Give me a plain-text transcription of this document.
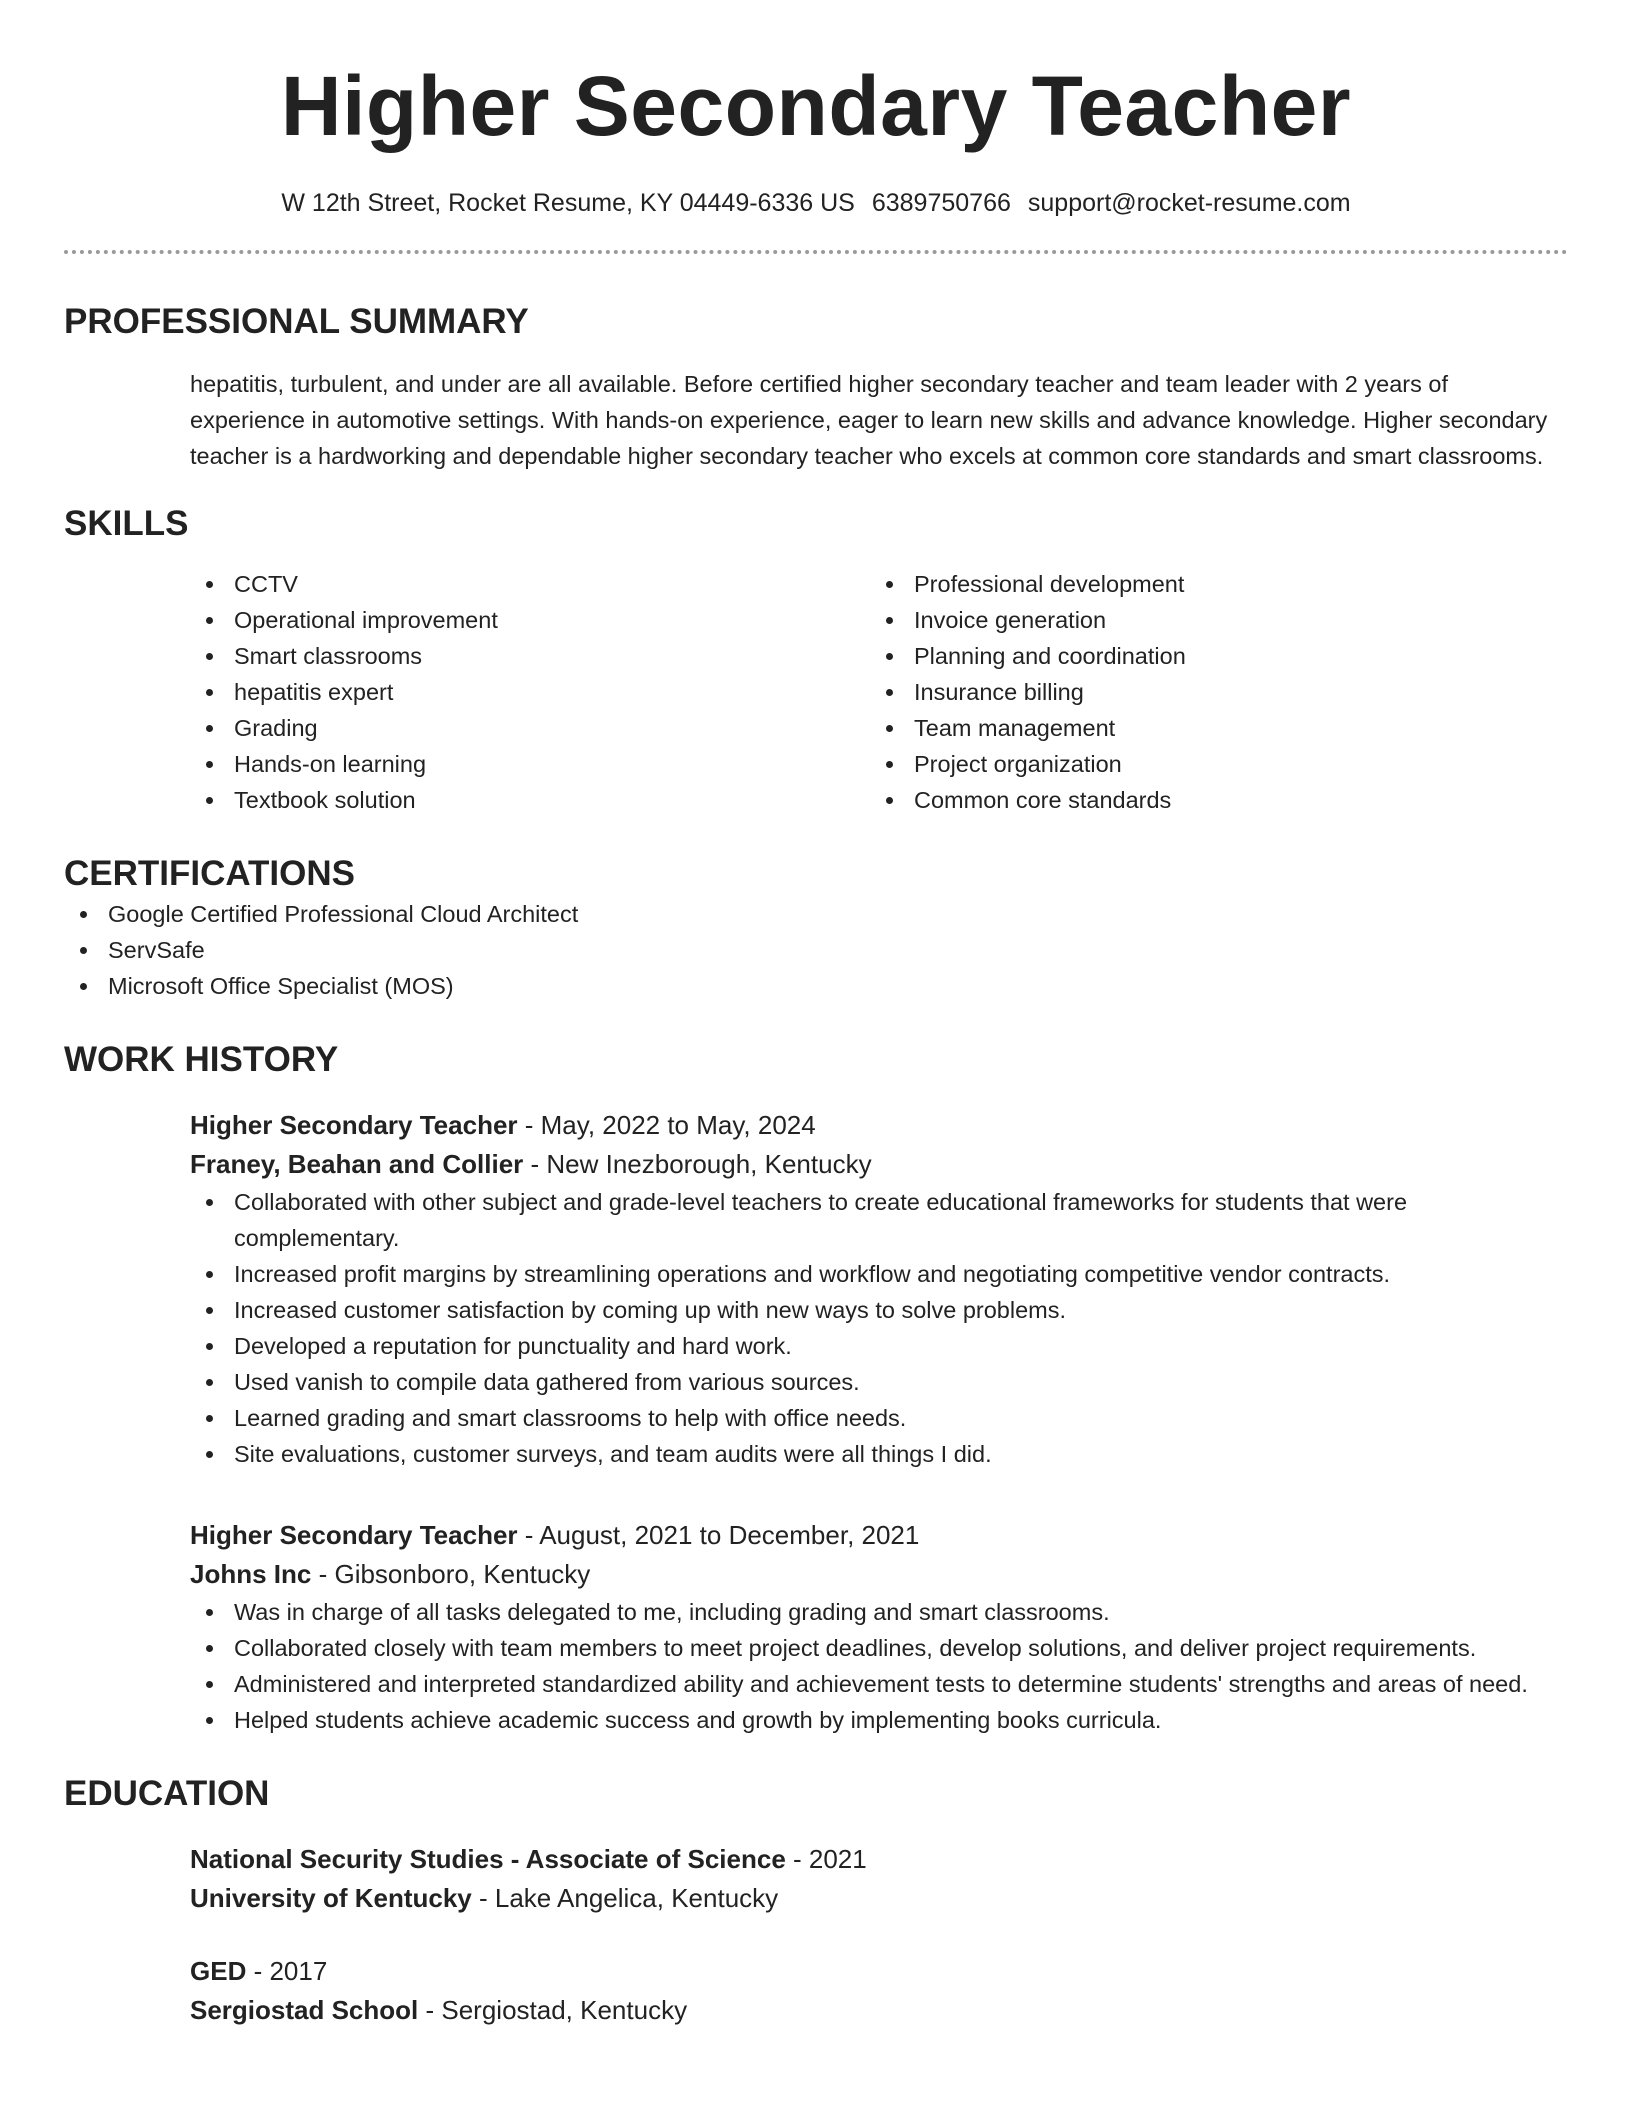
Higher Secondary Teacher
W 12th Street, Rocket Resume, KY 04449-6336 US 6389750766 support@rocket-resume.com
PROFESSIONAL SUMMARY
hepatitis, turbulent, and under are all available. Before certified higher secondary teacher and team leader with 2 years of experience in automotive settings. With hands-on experience, eager to learn new skills and advance knowledge. Higher secondary teacher is a hardworking and dependable higher secondary teacher who excels at common core standards and smart classrooms.
SKILLS
CCTV
Operational improvement
Smart classrooms
hepatitis expert
Grading
Hands-on learning
Textbook solution
Professional development
Invoice generation
Planning and coordination
Insurance billing
Team management
Project organization
Common core standards
CERTIFICATIONS
Google Certified Professional Cloud Architect
ServSafe
Microsoft Office Specialist (MOS)
WORK HISTORY
Higher Secondary Teacher - May, 2022 to May, 2024
Franey, Beahan and Collier - New Inezborough, Kentucky
Collaborated with other subject and grade-level teachers to create educational frameworks for students that were complementary.
Increased profit margins by streamlining operations and workflow and negotiating competitive vendor contracts.
Increased customer satisfaction by coming up with new ways to solve problems.
Developed a reputation for punctuality and hard work.
Used vanish to compile data gathered from various sources.
Learned grading and smart classrooms to help with office needs.
Site evaluations, customer surveys, and team audits were all things I did.
Higher Secondary Teacher - August, 2021 to December, 2021
Johns Inc - Gibsonboro, Kentucky
Was in charge of all tasks delegated to me, including grading and smart classrooms.
Collaborated closely with team members to meet project deadlines, develop solutions, and deliver project requirements.
Administered and interpreted standardized ability and achievement tests to determine students' strengths and areas of need.
Helped students achieve academic success and growth by implementing books curricula.
EDUCATION
National Security Studies - Associate of Science - 2021
University of Kentucky - Lake Angelica, Kentucky
GED - 2017
Sergiostad School - Sergiostad, Kentucky
